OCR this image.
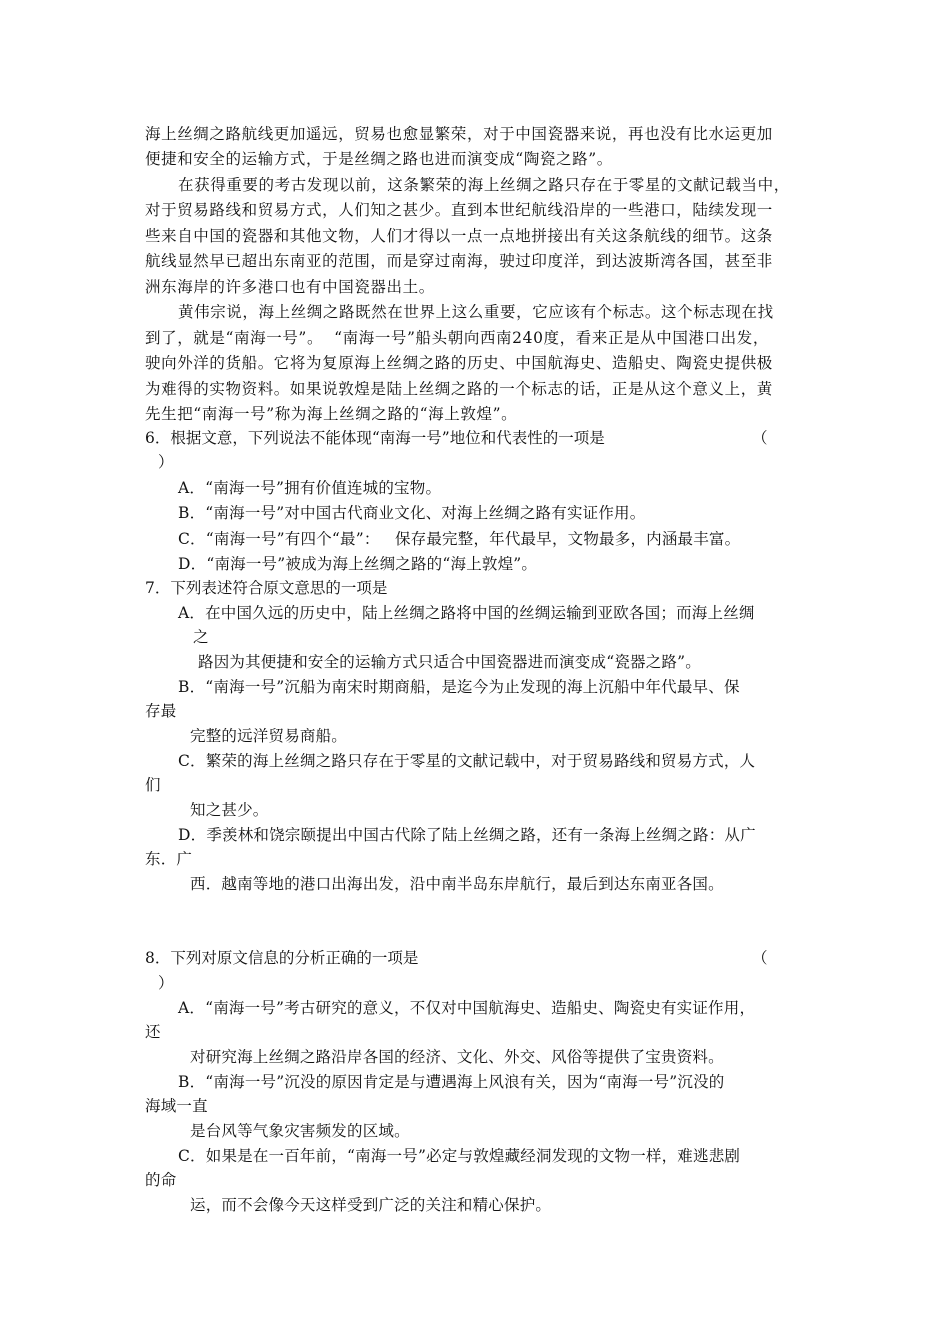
海上丝绸之路航线更加遥远，贸易也愈显繁荣，对于中国瓷器来说，再也没有比水运更加
便捷和安全的运输方式，于是丝绸之路也进而演变成“陶瓷之路”。
在获得重要的考古发现以前，这条繁荣的海上丝绸之路只存在于零星的文献记载当中，
对于贸易路线和贸易方式，人们知之甚少。直到本世纪航线沿岸的一些港口，陆续发现一
些来自中国的瓷器和其他文物，人们才得以一点一点地拼接出有关这条航线的细节。这条
航线显然早已超出东南亚的范围，而是穿过南海，驶过印度洋，到达波斯湾各国，甚至非
洲东海岸的许多港口也有中国瓷器出土。
黄伟宗说，海上丝绸之路既然在世界上这么重要，它应该有个标志。这个标志现在找
到了，就是“南海一号”。  “南海一号”船头朝向西南240度，看来正是从中国港口出发，
驶向外洋的货船。它将为复原海上丝绸之路的历史、中国航海史、造船史、陶瓷史提供极
为难得的实物资料。如果说敦煌是陆上丝绸之路的一个标志的话，正是从这个意义上，黄
先生把“南海一号”称为海上丝绸之路的“海上敦煌”。
6．根据文意，下列说法不能体现“南海一号”地位和代表性的一项是	（
）
A．“南海一号”拥有价值连城的宝物。
B．“南海一号”对中国古代商业文化、对海上丝绸之路有实证作用。
C．“南海一号”有四个“最”：   保存最完整，年代最早，文物最多，内涵最丰富。
D．“南海一号”被成为海上丝绸之路的“海上敦煌”。
7．下列表述符合原文意思的一项是
A．在中国久远的历史中，陆上丝绸之路将中国的丝绸运输到亚欧各国；而海上丝绸
之
路因为其便捷和安全的运输方式只适合中国瓷器进而演变成“瓷器之路”。
B．“南海一号”沉船为南宋时期商船，是迄今为止发现的海上沉船中年代最早、保
存最
完整的远洋贸易商船。
C．繁荣的海上丝绸之路只存在于零星的文献记载中，对于贸易路线和贸易方式，人
们
知之甚少。
D．季羡林和饶宗颐提出中国古代除了陆上丝绸之路，还有一条海上丝绸之路：从广
东．广
西．越南等地的港口出海出发，沿中南半岛东岸航行，最后到达东南亚各国。
8．下列对原文信息的分析正确的一项是	（
）
A．“南海一号”考古研究的意义，不仅对中国航海史、造船史、陶瓷史有实证作用，
还
对研究海上丝绸之路沿岸各国的经济、文化、外交、风俗等提供了宝贵资料。
B．“南海一号”沉没的原因肯定是与遭遇海上风浪有关，因为“南海一号”沉没的
海域一直
是台风等气象灾害频发的区域。
C．如果是在一百年前，“南海一号”必定与敦煌藏经洞发现的文物一样，难逃悲剧
的命
运，而不会像今天这样受到广泛的关注和精心保护。
